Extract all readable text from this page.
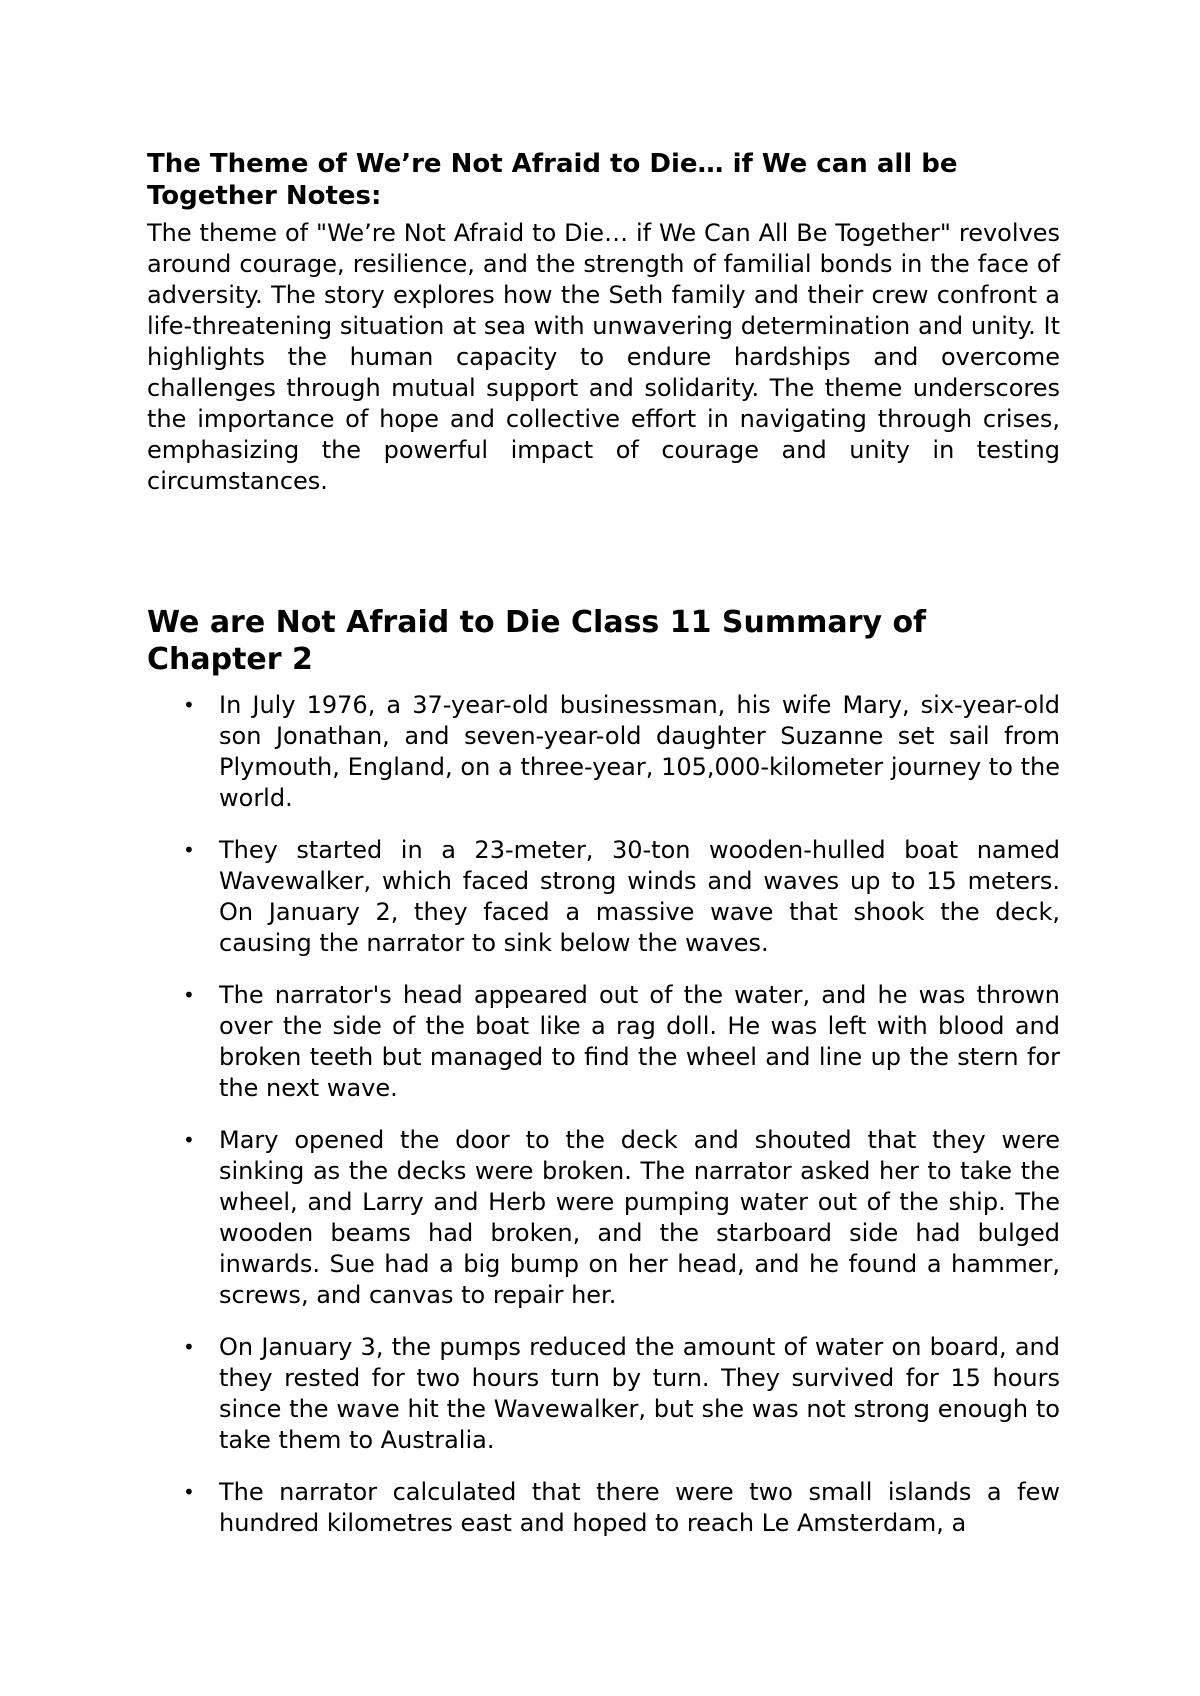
The Theme of We’re Not Afraid to Die… if We can all be Together Notes:

The theme of "We’re Not Afraid to Die… if We Can All Be Together" revolves around courage, resilience, and the strength of familial bonds in the face of adversity. The story explores how the Seth family and their crew confront a life-threatening situation at sea with unwavering determination and unity. It highlights the human capacity to endure hardships and overcome challenges through mutual support and solidarity. The theme underscores the importance of hope and collective effort in navigating through crises, emphasizing the powerful impact of courage and unity in testing circumstances.

We are Not Afraid to Die Class 11 Summary of Chapter 2
• In July 1976, a 37-year-old businessman, his wife Mary, six-year-old son Jonathan, and seven-year-old daughter Suzanne set sail from Plymouth, England, on a three-year, 105,000-kilometer journey to the world.
• They started in a 23-meter, 30-ton wooden-hulled boat named Wavewalker, which faced strong winds and waves up to 15 meters. On January 2, they faced a massive wave that shook the deck, causing the narrator to sink below the waves.
• The narrator's head appeared out of the water, and he was thrown over the side of the boat like a rag doll. He was left with blood and broken teeth but managed to find the wheel and line up the stern for the next wave.
• Mary opened the door to the deck and shouted that they were sinking as the decks were broken. The narrator asked her to take the wheel, and Larry and Herb were pumping water out of the ship. The wooden beams had broken, and the starboard side had bulged inwards. Sue had a big bump on her head, and he found a hammer, screws, and canvas to repair her.
• On January 3, the pumps reduced the amount of water on board, and they rested for two hours turn by turn. They survived for 15 hours since the wave hit the Wavewalker, but she was not strong enough to take them to Australia.
• The narrator calculated that there were two small islands a few hundred kilometres east and hoped to reach Le Amsterdam, a
